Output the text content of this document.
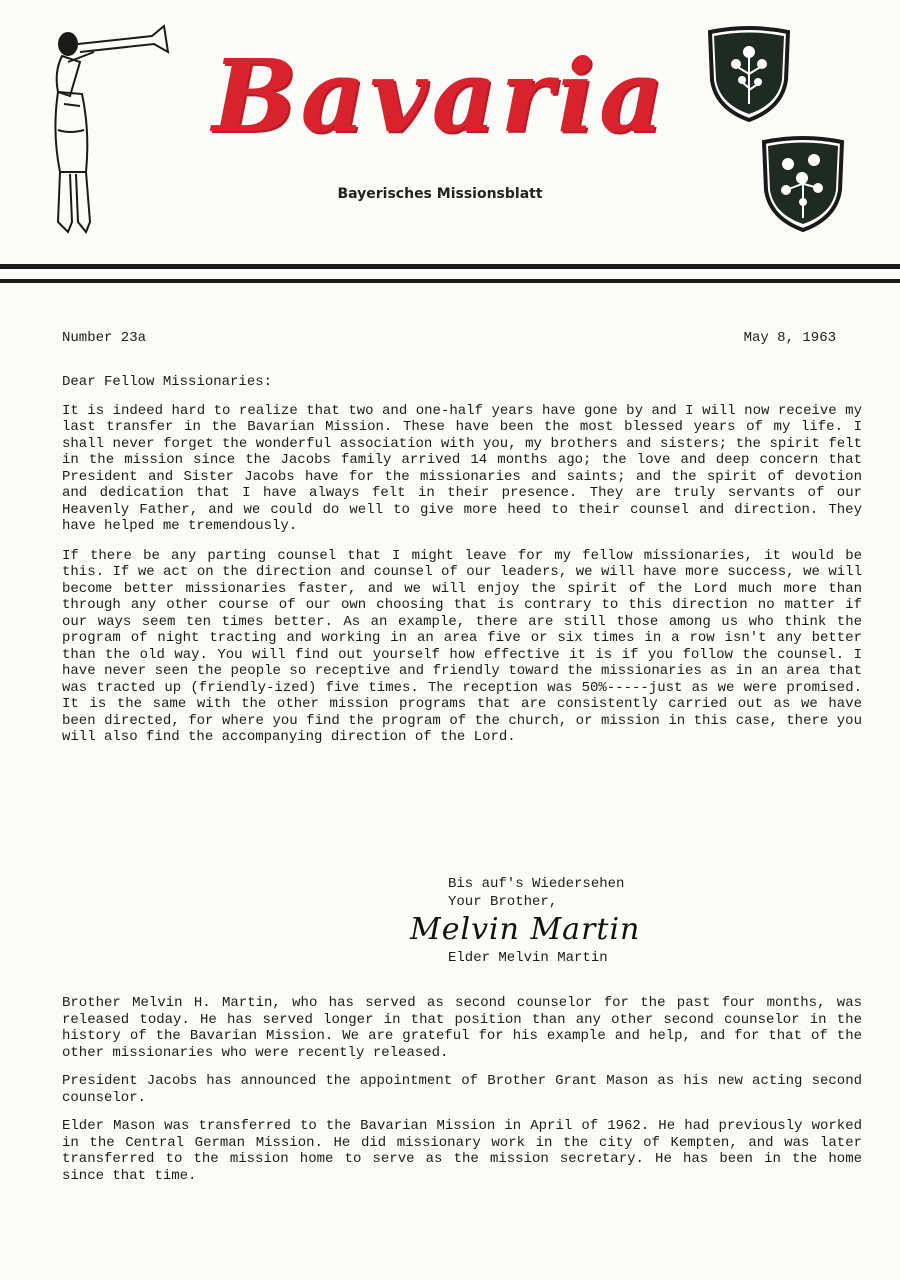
Bavaria
Bayerisches Missionsblatt
Number 23a	May 8, 1963

Dear Fellow Missionaries:

It is indeed hard to realize that two and one-half years have gone by and I will now receive my last transfer in the Bavarian Mission. These have been the most blessed years of my life. I shall never forget the wonderful association with you, my brothers and sisters; the spirit felt in the mission since the Jacobs family arrived 14 months ago; the love and deep concern that President and Sister Jacobs have for the missionaries and saints; and the spirit of devotion and dedication that I have always felt in their presence. They are truly servants of our Heavenly Father, and we could do well to give more heed to their counsel and direction. They have helped me tremendously.

If there be any parting counsel that I might leave for my fellow missionaries, it would be this. If we act on the direction and counsel of our leaders, we will have more success, we will become better missionaries faster, and we will enjoy the spirit of the Lord much more than through any other course of our own choosing that is contrary to this direction no matter if our ways seem ten times better. As an example, there are still those among us who think the program of night tracting and working in an area five or six times in a row isn't any better than the old way. You will find out yourself how effective it is if you follow the counsel. I have never seen the people so receptive and friendly toward the missionaries as in an area that was tracted up (friendly-ized) five times. The reception was 50%-----just as we were promised. It is the same with the other mission programs that are consistently carried out as we have been directed, for where you find the program of the church, or mission in this case, there you will also find the accompanying direction of the Lord.

Bis auf's Wiedersehen
Your Brother,
Melvin Martin
Elder Melvin Martin

Brother Melvin H. Martin, who has served as second counselor for the past four months, was released today. He has served longer in that position than any other second counselor in the history of the Bavarian Mission. We are grateful for his example and help, and for that of the other missionaries who were recently released.

President Jacobs has announced the appointment of Brother Grant Mason as his new acting second counselor.

Elder Mason was transferred to the Bavarian Mission in April of 1962. He had previously worked in the Central German Mission. He did missionary work in the city of Kempten, and was later transferred to the mission home to serve as the mission secretary. He has been in the home since that time.
